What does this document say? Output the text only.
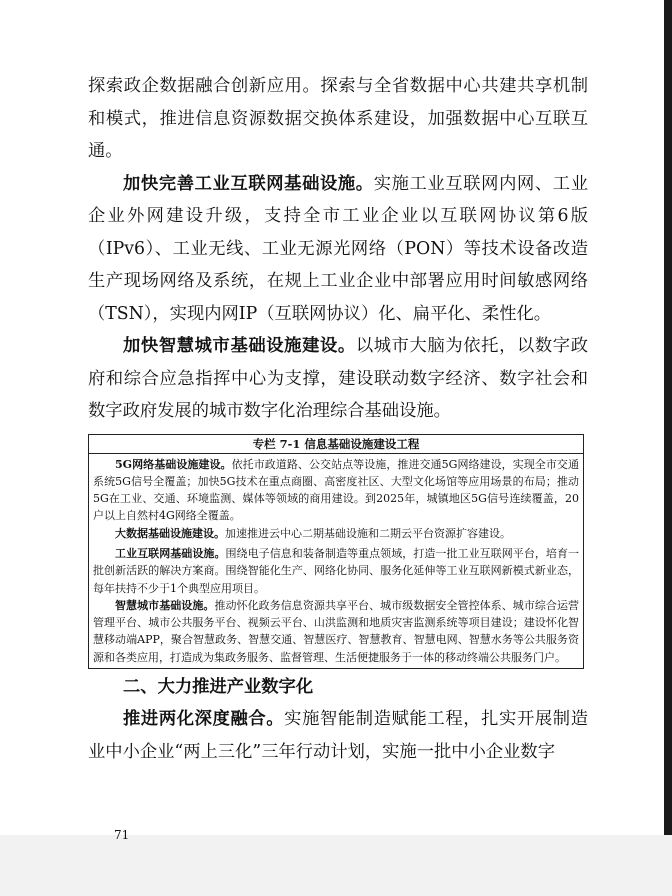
探索政企数据融合创新应用。探索与全省数据中心共建共享机制和模式，推进信息资源数据交换体系建设，加强数据中心互联互通。

加快完善工业互联网基础设施。实施工业互联网内网、工业企业外网建设升级，支持全市工业企业以互联网协议第6版（IPv6）、工业无线、工业无源光网络（PON）等技术设备改造生产现场网络及系统，在规上工业企业中部署应用时间敏感网络（TSN），实现内网IP（互联网协议）化、扁平化、柔性化。

加快智慧城市基础设施建设。以城市大脑为依托，以数字政府和综合应急指挥中心为支撑，建设联动数字经济、数字社会和数字政府发展的城市数字化治理综合基础设施。

专栏 7-1 信息基础设施建设工程

5G网络基础设施建设。依托市政道路、公交站点等设施，推进交通5G网络建设，实现全市交通系统5G信号全覆盖；加快5G技术在重点商圈、高密度社区、大型文化场馆等应用场景的布局；推动5G在工业、交通、环境监测、媒体等领域的商用建设。到2025年，城镇地区5G信号连续覆盖，20户以上自然村4G网络全覆盖。

大数据基础设施建设。加速推进云中心二期基础设施和二期云平台资源扩容建设。

工业互联网基础设施。围绕电子信息和装备制造等重点领域，打造一批工业互联网平台，培育一批创新活跃的解决方案商。围绕智能化生产、网络化协同、服务化延伸等工业互联网新模式新业态，每年扶持不少于1个典型应用项目。

智慧城市基础设施。推动怀化政务信息资源共享平台、城市级数据安全管控体系、城市综合运营管理平台、城市公共服务平台、视频云平台、山洪监测和地质灾害监测系统等项目建设；建设怀化智慧移动端APP，聚合智慧政务、智慧交通、智慧医疗、智慧教育、智慧电网、智慧水务等公共服务资源和各类应用，打造成为集政务服务、监督管理、生活便捷服务于一体的移动终端公共服务门户。

二、大力推进产业数字化

推进两化深度融合。实施智能制造赋能工程，扎实开展制造业中小企业“两上三化”三年行动计划，实施一批中小企业数字

71
